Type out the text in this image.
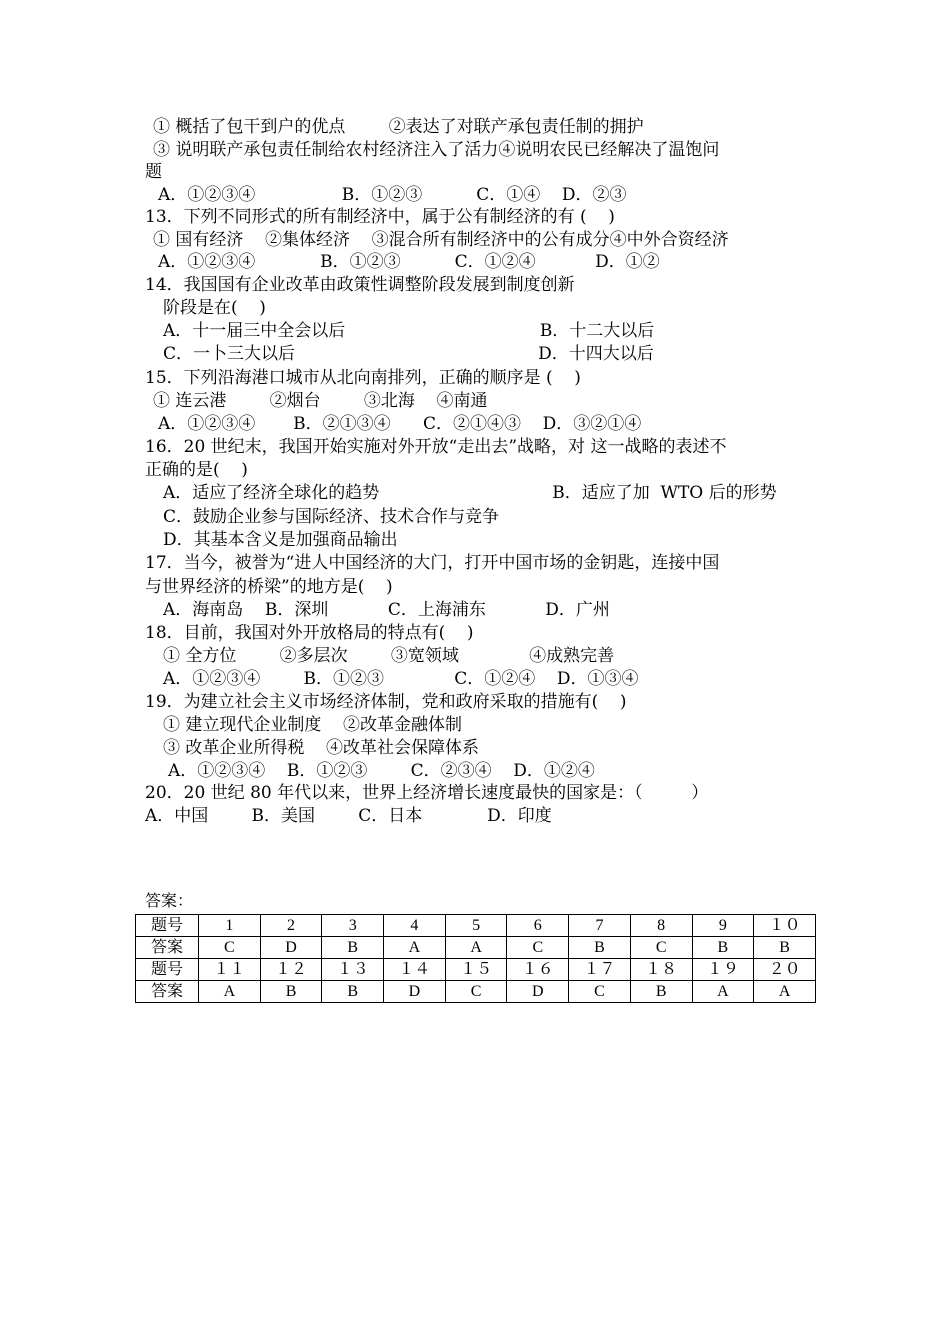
① 概括了包干到户的优点        ②表达了对联产承包责任制的拥护
③ 说明联产承包责任制给农村经济注入了活力④说明农民已经解决了温饱问
题
A．①②③④                B．①②③          C．①④    D．②③
13．下列不同形式的所有制经济中，属于公有制经济的有 (    )
① 国有经济    ②集体经济    ③混合所有制经济中的公有成分④中外合资经济
A．①②③④            B．①②③          C．①②④           D．①②
14．我国国有企业改革由政策性调整阶段发展到制度创新
阶段是在(    )
A．十一届三中全会以后                                    B．十二大以后
C．一卜三大以后                                             D．十四大以后
15．下列沿海港口城市从北向南排列，正确的顺序是 (    )
① 连云港        ②烟台        ③北海    ④南通
A．①②③④       B．②①③④      C．②①④③    D．③②①④
16．20 世纪末，我国开始实施对外开放“走出去”战略，对 这一战略的表述不
正确的是(    )
A．适应了经济全球化的趋势                                B．适应了加  WTO 后的形势
C．鼓励企业参与国际经济、技术合作与竞争
D．其基本含义是加强商品输出
17．当今，被誉为“进人中国经济的大门，打开中国市场的金钥匙，连接中国
与世界经济的桥梁”的地方是(    )
A．海南岛    B．深圳           C．上海浦东           D．广州
18．目前，我国对外开放格局的特点有(    )
① 全方位        ②多层次        ③宽领域             ④成熟完善
A．①②③④        B．①②③             C．①②④    D．①③④
19．为建立社会主义市场经济体制，党和政府采取的措施有(    )
① 建立现代企业制度    ②改革金融体制
③ 改革企业所得税    ④改革社会保障体系
A．①②③④    B．①②③        C．②③④    D．①②④
20．20 世纪 80 年代以来，世界上经济增长速度最快的国家是：（         ）
A．中国        B．美国        C．日本            D．印度
答案：
题号	1	2	3	4	5	6	7	8	9	１０
答案	C	D	B	A	A	C	B	C	B	B
题号	１１	１２	１３	１４	１５	１６	１７	１８	１９	２０
答案	A	B	B	D	C	D	C	B	A	A
